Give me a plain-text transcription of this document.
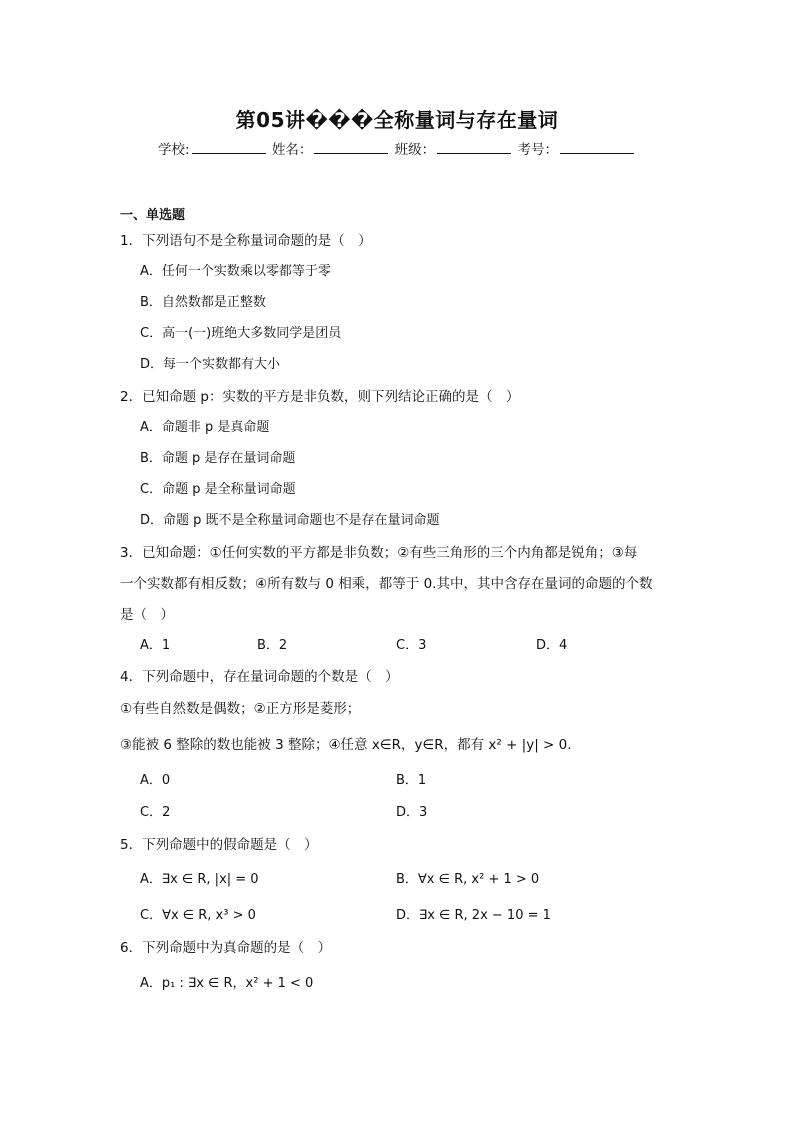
第05讲���全称量词与存在量词
学校:	姓名：	班级：	考号：
一、单选题
1．下列语句不是全称量词命题的是（　）
A．任何一个实数乘以零都等于零
B．自然数都是正整数
C．高一(一)班绝大多数同学是团员
D．每一个实数都有大小
2．已知命题 p：实数的平方是非负数，则下列结论正确的是（　）
A．命题非 p 是真命题
B．命题 p 是存在量词命题
C．命题 p 是全称量词命题
D．命题 p 既不是全称量词命题也不是存在量词命题
3．已知命题：①任何实数的平方都是非负数；②有些三角形的三个内角都是锐角；③每
一个实数都有相反数；④所有数与 0 相乘，都等于 0.其中，其中含存在量词的命题的个数
是（　）
A．1	B．2	C．3	D．4
4．下列命题中，存在量词命题的个数是（　）
①有些自然数是偶数；②正方形是菱形；
③能被 6 整除的数也能被 3 整除；④任意 x∈R，y∈R，都有 x² + |y| > 0.
A．0	B．1
C．2	D．3
5．下列命题中的假命题是（　）
A．∃x ∈ R, |x| = 0	B．∀x ∈ R, x² + 1 > 0
C．∀x ∈ R, x³ > 0	D．∃x ∈ R, 2x − 10 = 1
6．下列命题中为真命题的是（　）
A．p₁ : ∃x ∈ R，x² + 1 < 0
